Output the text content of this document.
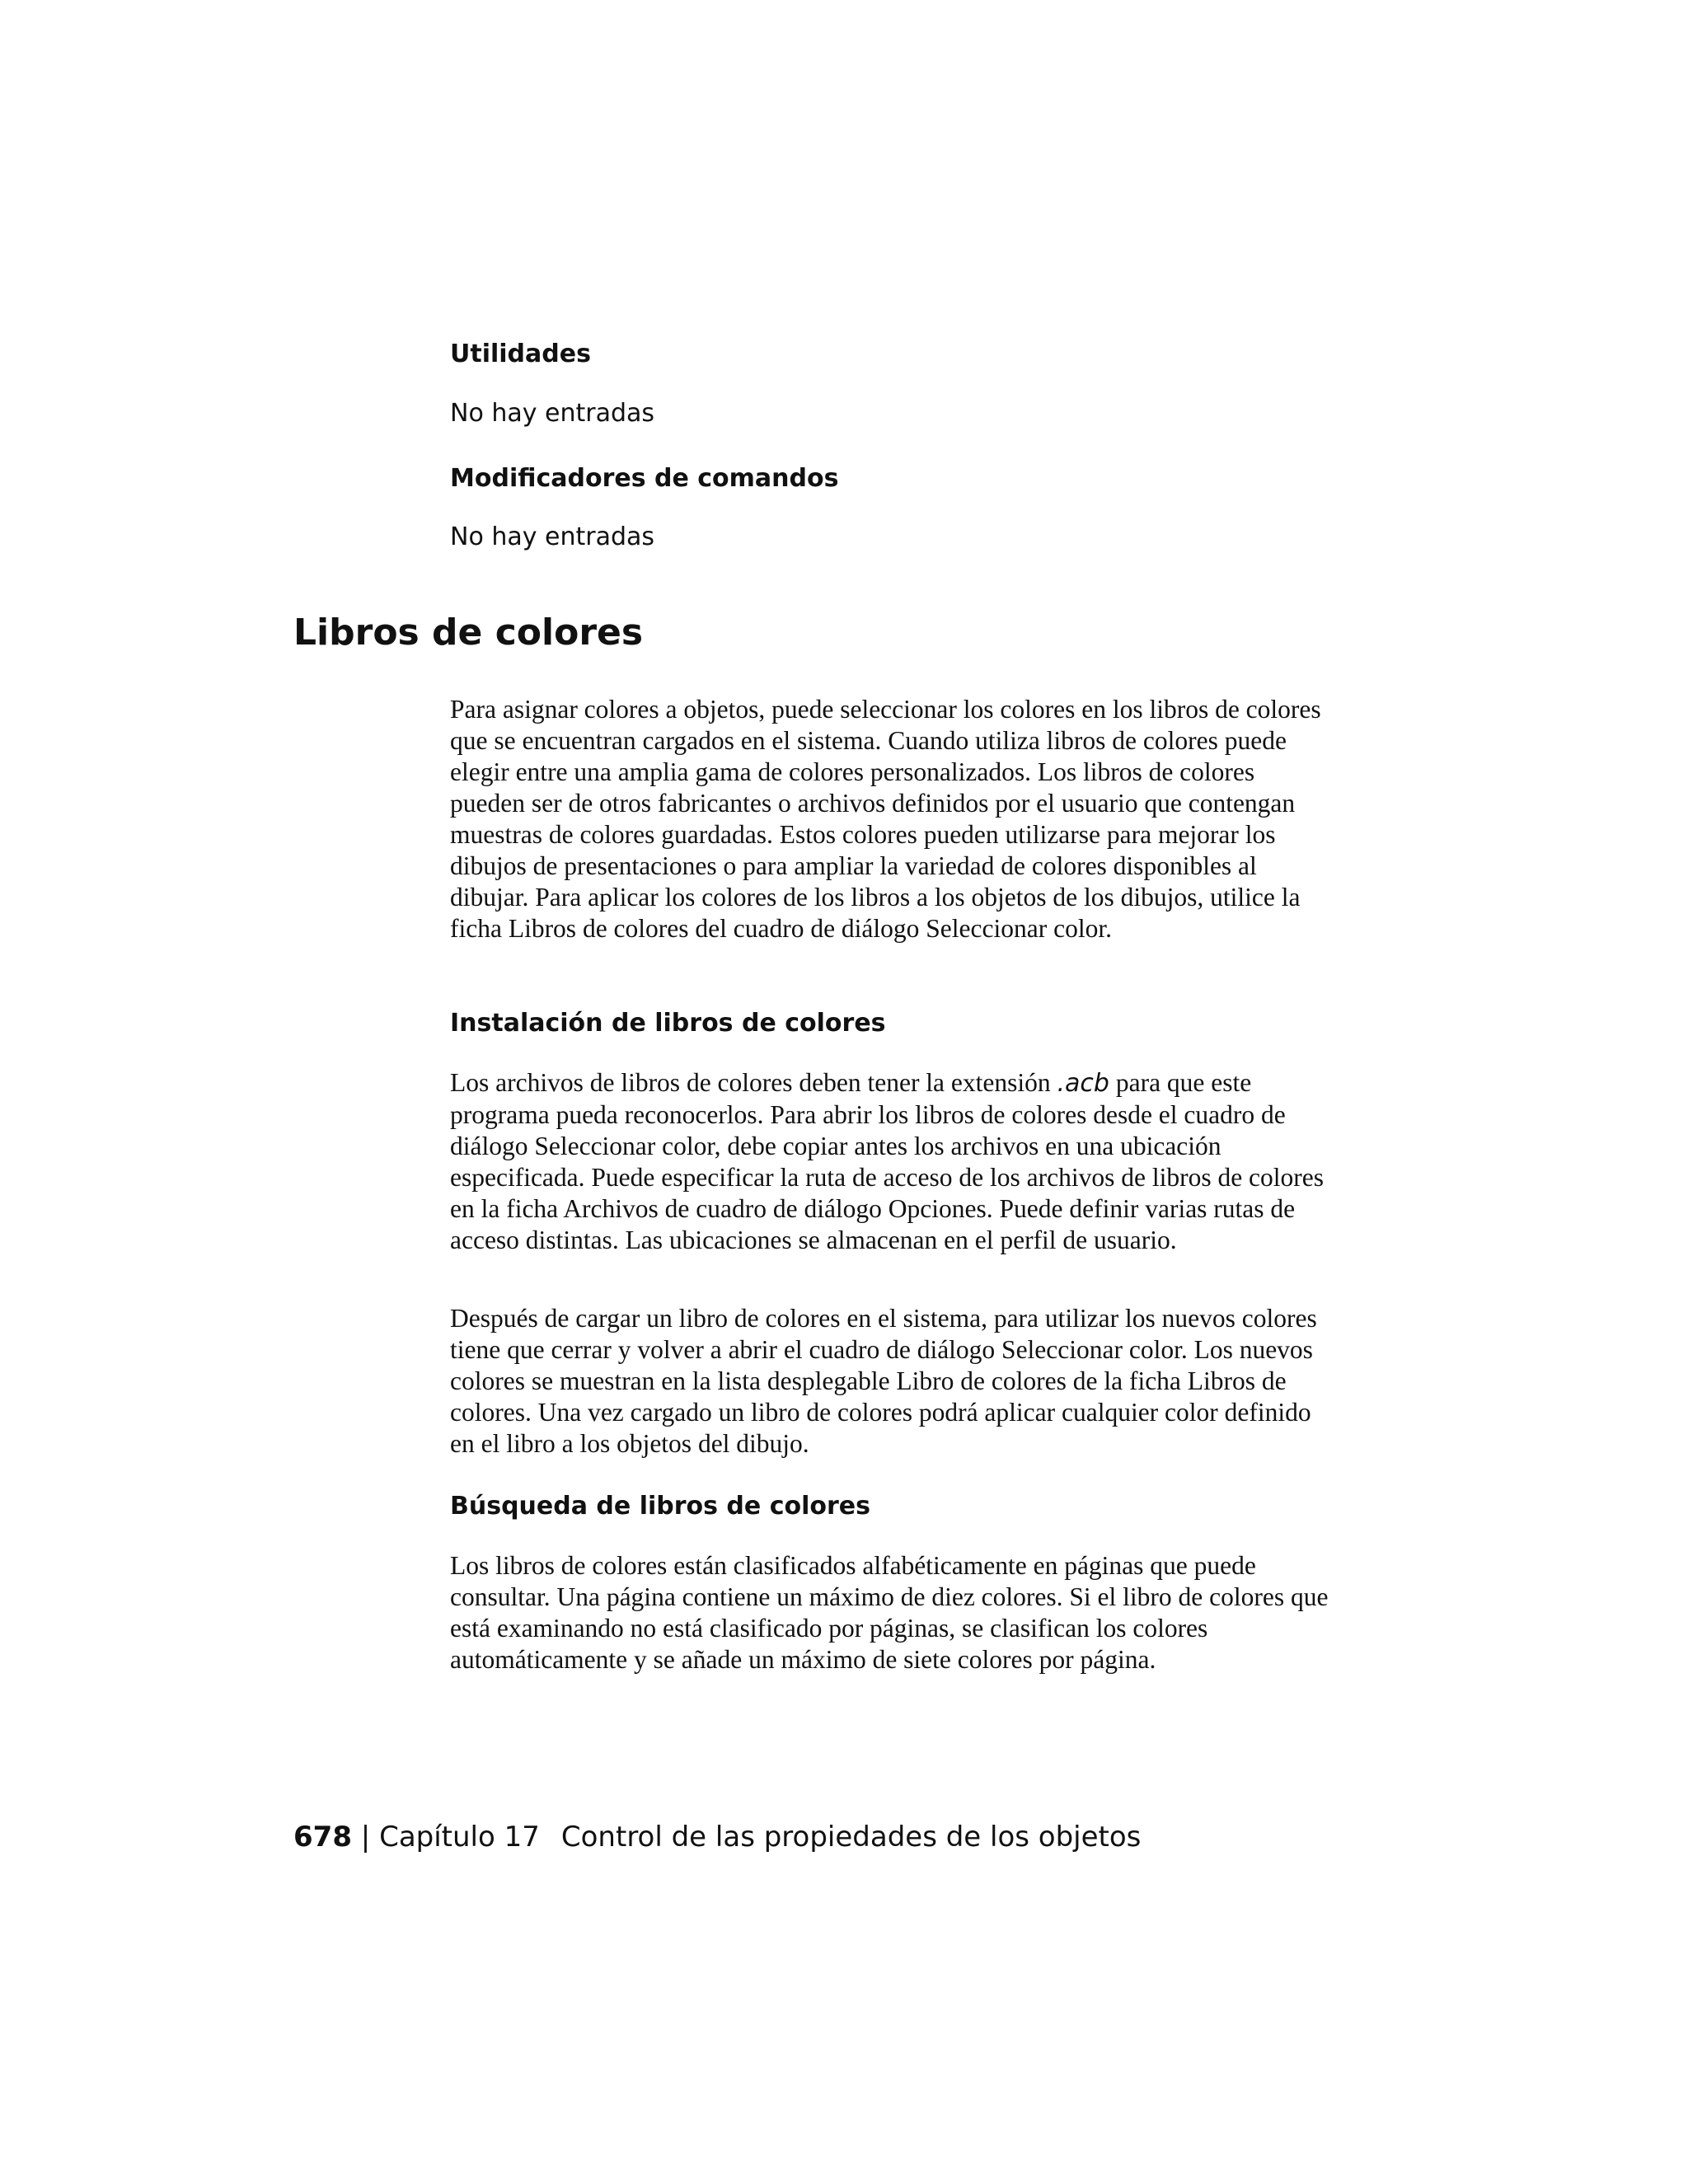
Utilidades

No hay entradas

Modificadores de comandos

No hay entradas

Libros de colores

Para asignar colores a objetos, puede seleccionar los colores en los libros de colores que se encuentran cargados en el sistema. Cuando utiliza libros de colores puede elegir entre una amplia gama de colores personalizados. Los libros de colores pueden ser de otros fabricantes o archivos definidos por el usuario que contengan muestras de colores guardadas. Estos colores pueden utilizarse para mejorar los dibujos de presentaciones o para ampliar la variedad de colores disponibles al dibujar. Para aplicar los colores de los libros a los objetos de los dibujos, utilice la ficha Libros de colores del cuadro de diálogo Seleccionar color.

Instalación de libros de colores

Los archivos de libros de colores deben tener la extensión .acb para que este programa pueda reconocerlos. Para abrir los libros de colores desde el cuadro de diálogo Seleccionar color, debe copiar antes los archivos en una ubicación especificada. Puede especificar la ruta de acceso de los archivos de libros de colores en la ficha Archivos de cuadro de diálogo Opciones. Puede definir varias rutas de acceso distintas. Las ubicaciones se almacenan en el perfil de usuario.

Después de cargar un libro de colores en el sistema, para utilizar los nuevos colores tiene que cerrar y volver a abrir el cuadro de diálogo Seleccionar color. Los nuevos colores se muestran en la lista desplegable Libro de colores de la ficha Libros de colores. Una vez cargado un libro de colores podrá aplicar cualquier color definido en el libro a los objetos del dibujo.

Búsqueda de libros de colores

Los libros de colores están clasificados alfabéticamente en páginas que puede consultar. Una página contiene un máximo de diez colores. Si el libro de colores que está examinando no está clasificado por páginas, se clasifican los colores automáticamente y se añade un máximo de siete colores por página.

678 | Capítulo 17 Control de las propiedades de los objetos
